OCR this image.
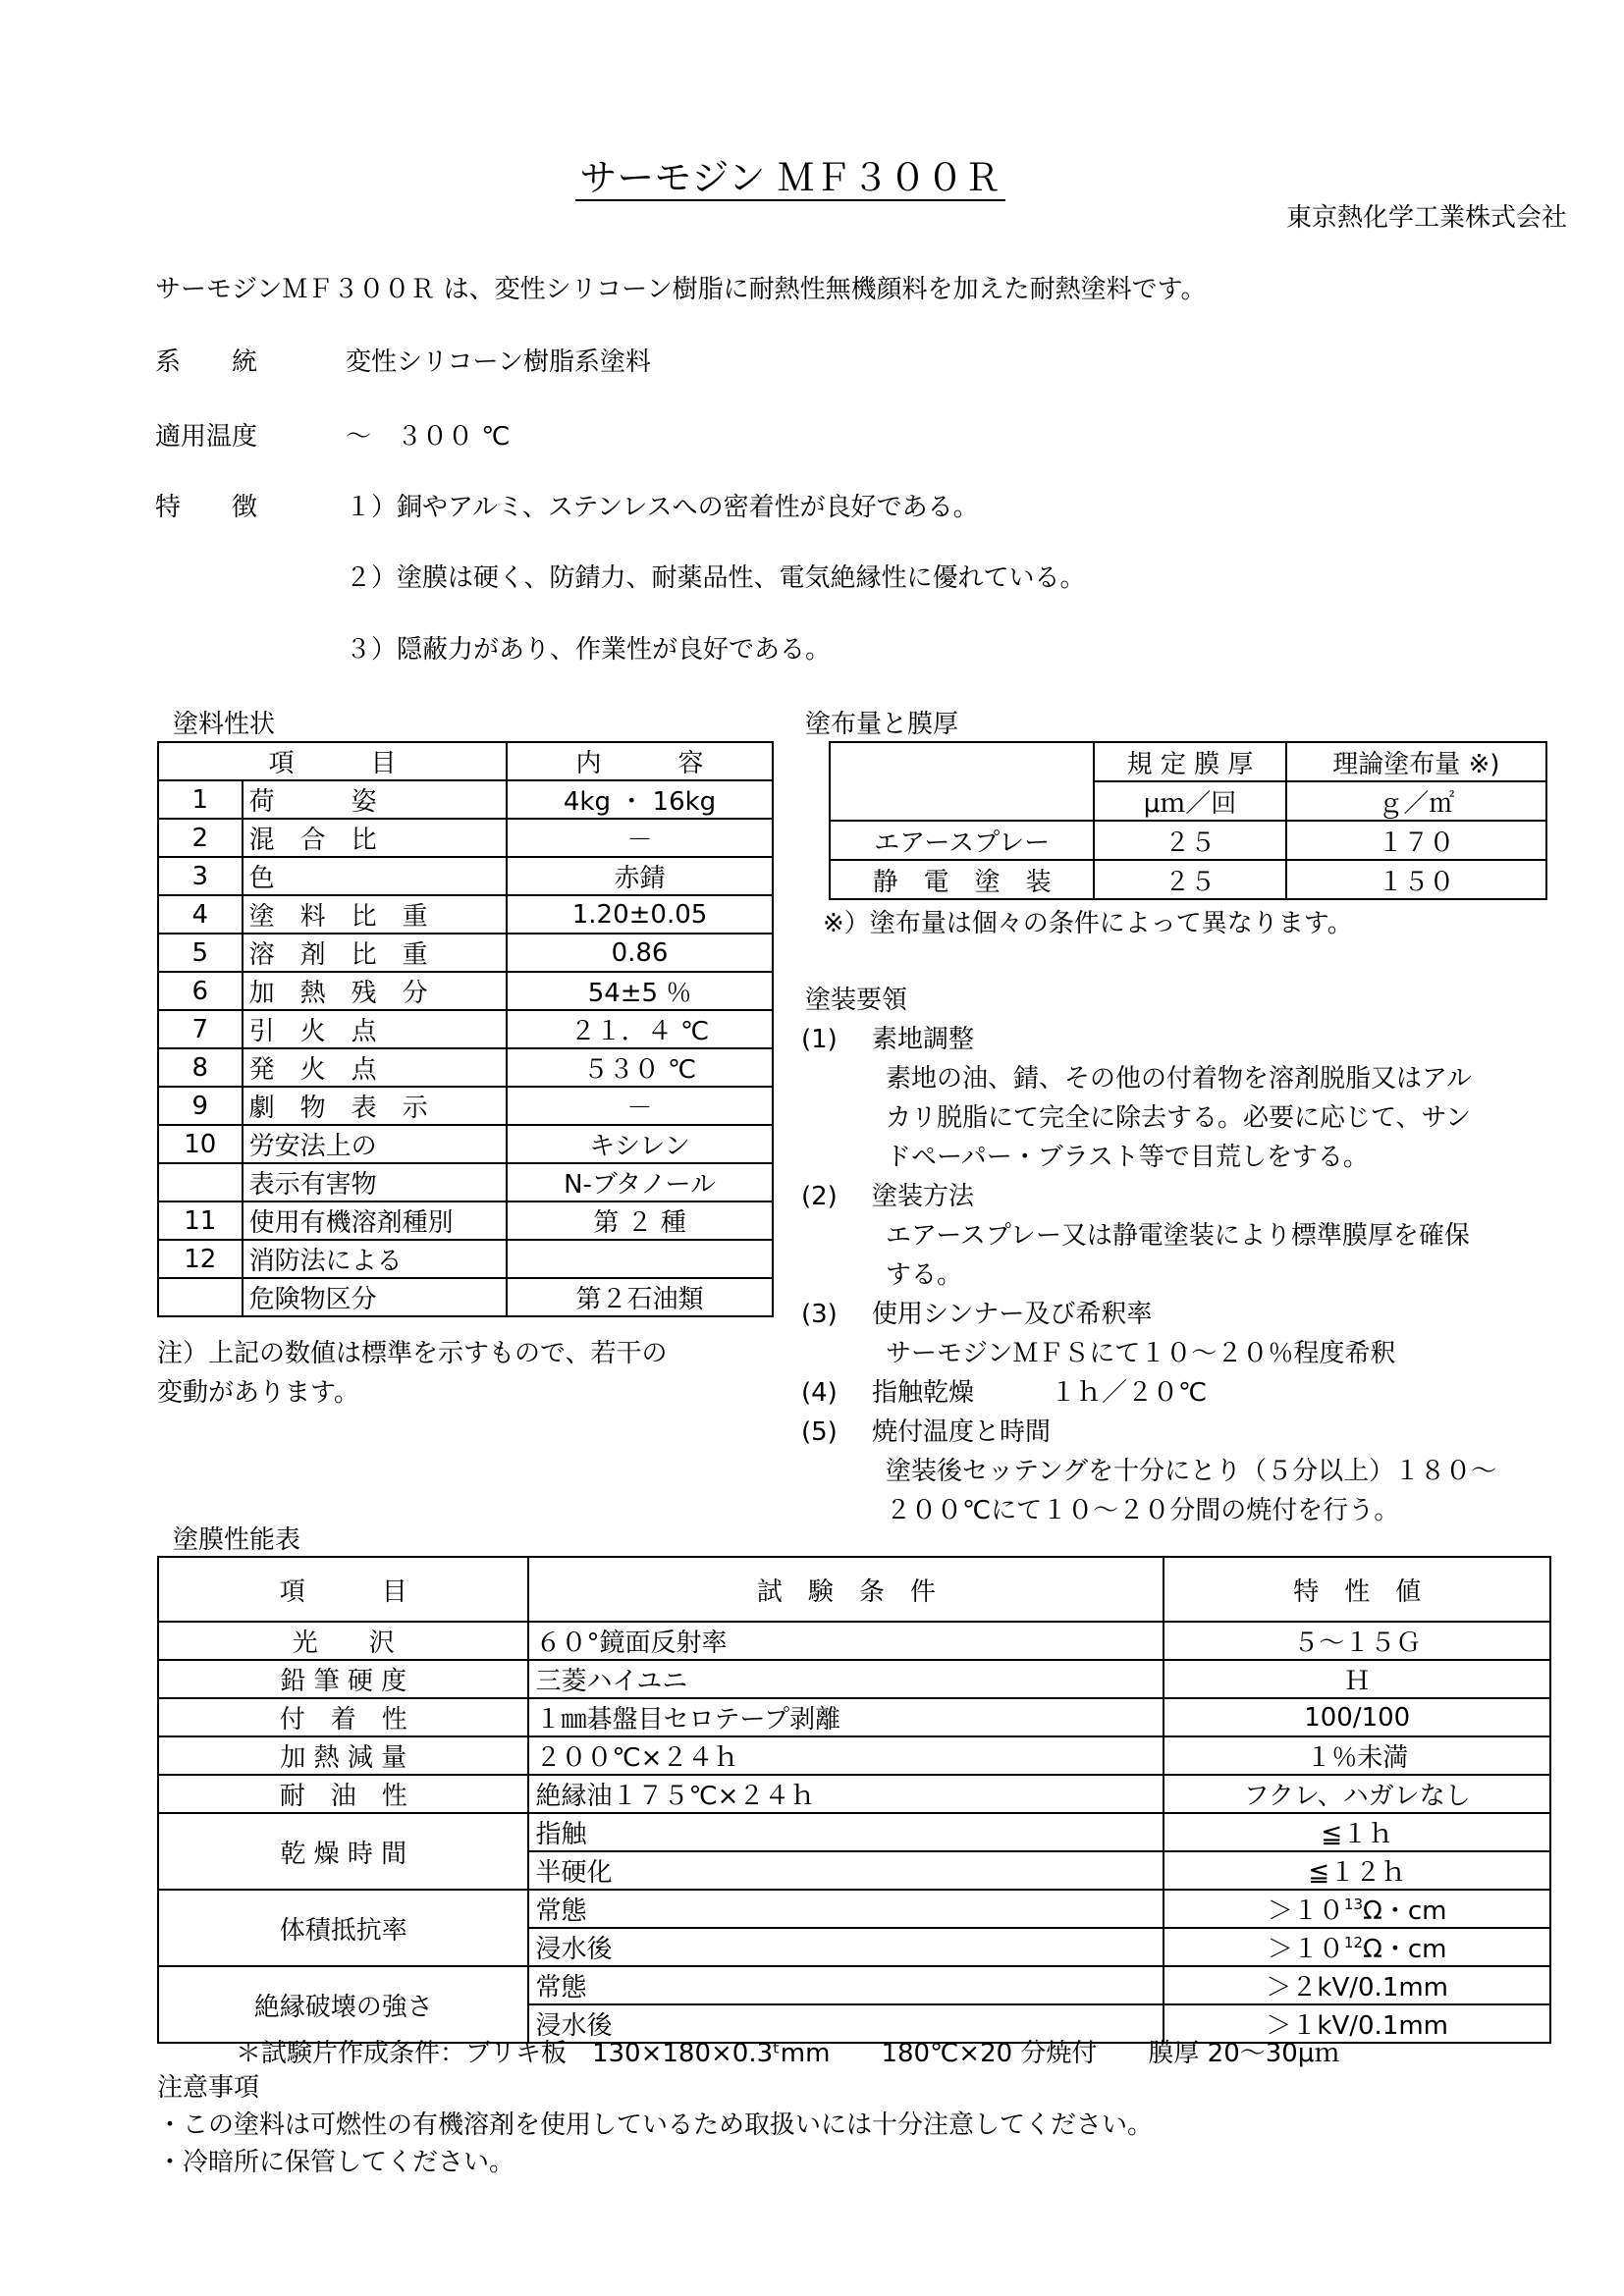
サーモジン ＭＦ３００Ｒ
東京熱化学工業株式会社
サーモジンＭＦ３００Ｒ は、変性シリコーン樹脂に耐熱性無機顔料を加えた耐熱塗料です。
系　　統	変性シリコーン樹脂系塗料
適用温度	～　３００ ℃
特　　徴	１）銅やアルミ、ステンレスへの密着性が良好である。
２）塗膜は硬く、防錆力、耐薬品性、電気絶縁性に優れている。
３）隠蔽力があり、作業性が良好である。
塗料性状
項　　　目		内　　　容
1	荷　　　姿	4kg ・ 16kg
2	混　合　比	－
3	色	赤錆
4	塗　料　比　重	1.20±0.05
5	溶　剤　比　重	0.86
6	加　熱　残　分	54±5 ％
7	引　火　点	２１．４ ℃
8	発　火　点	５３０ ℃
9	劇　物　表　示	－
10	労安法上の	キシレン
	表示有害物	N-ブタノール
11	使用有機溶剤種別	第 ２ 種
12	消防法による	
	危険物区分	第２石油類
注）上記の数値は標準を示すもので、若干の
変動があります。
塗布量と膜厚
	規 定 膜 厚	理論塗布量 ※)
	μｍ／回	ｇ／㎡
エアースプレー	２５	１７０
静　電　塗　装	２５	１５０
※）塗布量は個々の条件によって異なります。
塗装要領
(1) 素地調整
素地の油、錆、その他の付着物を溶剤脱脂又はアル
カリ脱脂にて完全に除去する。必要に応じて、サン
ドペーパー・ブラスト等で目荒しをする。
(2) 塗装方法
エアースプレー又は静電塗装により標準膜厚を確保
する。
(3) 使用シンナー及び希釈率
サーモジンＭＦＳにて１０～２０％程度希釈
(4) 指触乾燥　　　１ｈ／２０℃
(5) 焼付温度と時間
塗装後セッテングを十分にとり（５分以上）１８０～
２００℃にて１０～２０分間の焼付を行う。
塗膜性能表
項　　　目	試　験　条　件	特　性　値
光　　沢	６０°鏡面反射率	５～１５Ｇ
鉛 筆 硬 度	三菱ハイユニ	Ｈ
付　着　性	１㎜碁盤目セロテープ剥離	100/100
加 熱 減 量	２００℃×２４ｈ	１％未満
耐　油　性	絶縁油１７５℃×２４ｈ	フクレ、ハガレなし
乾 燥 時 間	指触	≦１ｈ
	半硬化	≦１２ｈ
体積抵抗率	常態	$>10^{13}\Omega$・cm
	浸水後	$>10^{12}\Omega$・cm
絶縁破壊の強さ	常態	＞２kV/0.1mm
	浸水後	＞１kV/0.1mm
＊試験片作成条件：ブリキ板　130×180×0.3ᵗmm　　180℃×20 分焼付　　膜厚 20～30μｍ
注意事項
・この塗料は可燃性の有機溶剤を使用しているため取扱いには十分注意してください。
・冷暗所に保管してください。
